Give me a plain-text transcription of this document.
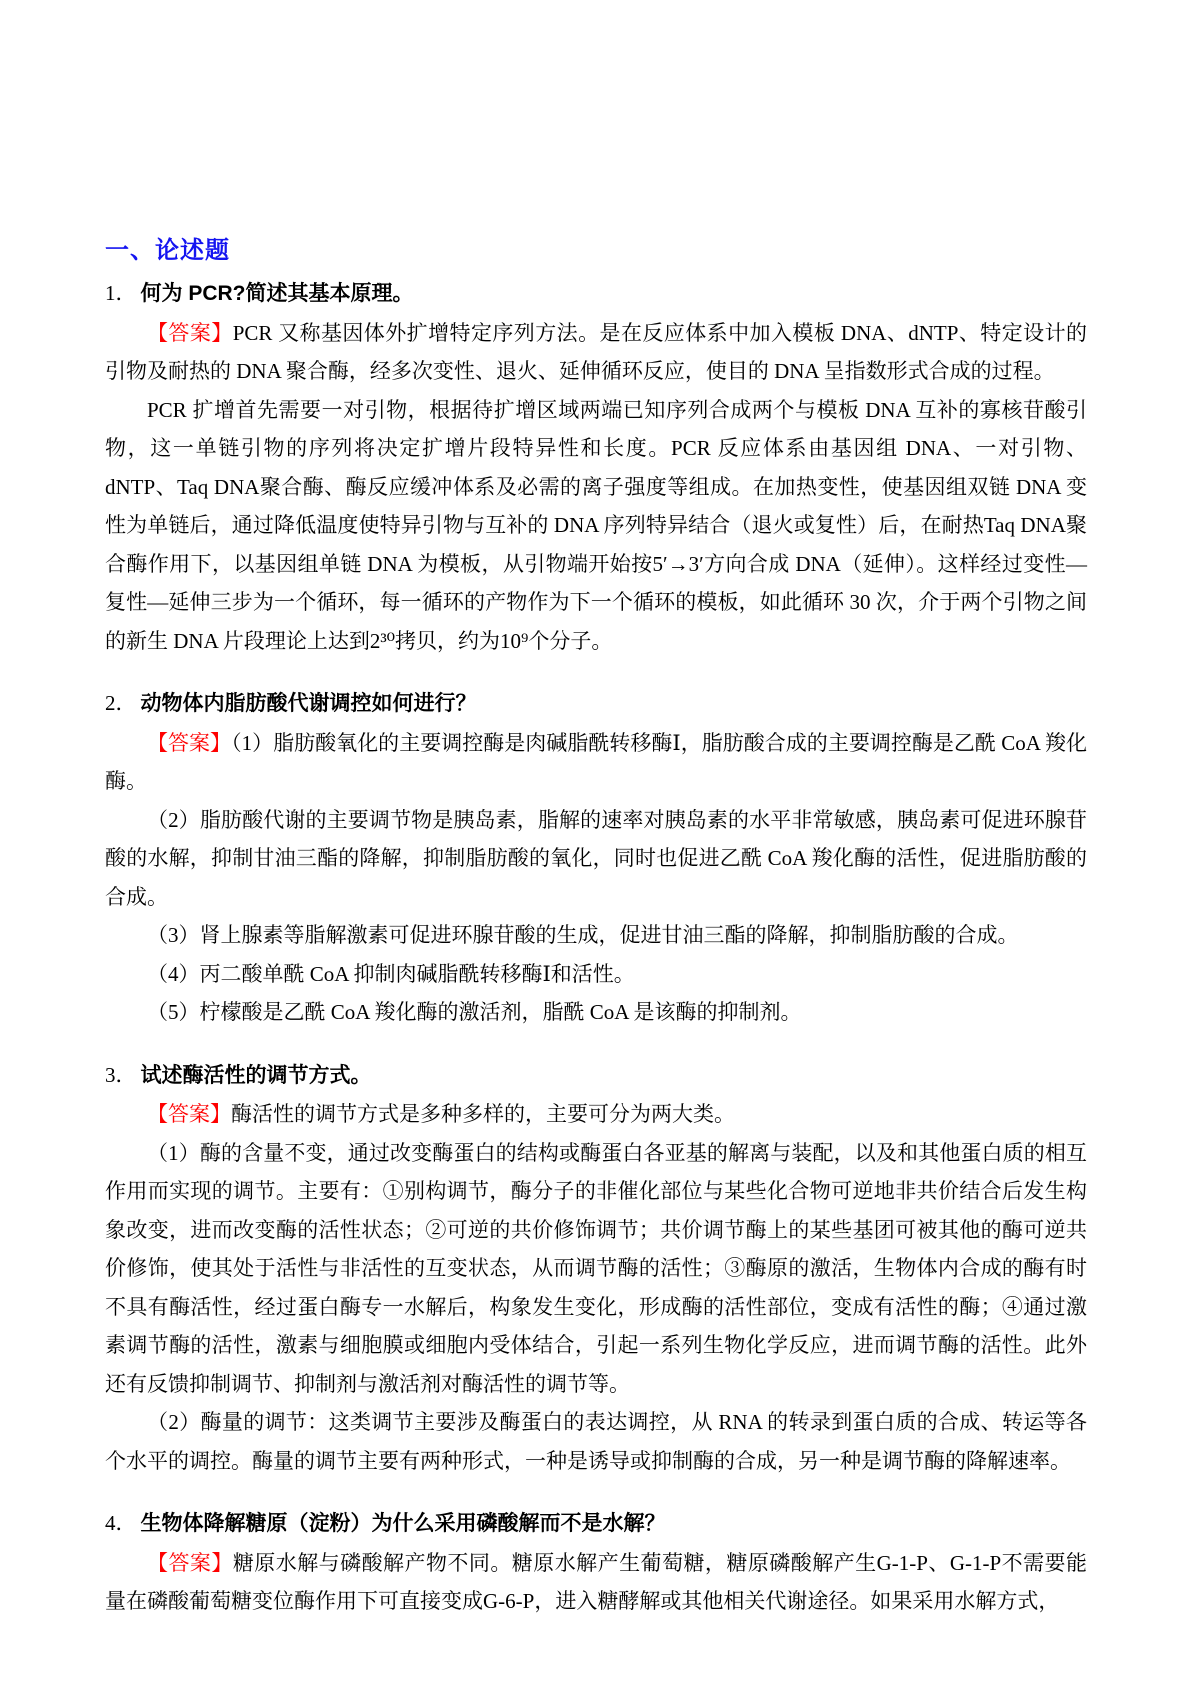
一、论述题
1． 何为 PCR?简述其基本原理。

【答案】PCR 又称基因体外扩增特定序列方法。是在反应体系中加入模板 DNA、dNTP、特定设计的引物及耐热的 DNA 聚合酶，经多次变性、退火、延伸循环反应，使目的 DNA 呈指数形式合成的过程。

PCR 扩增首先需要一对引物，根据待扩增区域两端已知序列合成两个与模板 DNA 互补的寡核苷酸引物，这一单链引物的序列将决定扩增片段特异性和长度。PCR 反应体系由基因组 DNA、一对引物、dNTP、Taq DNA聚合酶、酶反应缓冲体系及必需的离子强度等组成。在加热变性，使基因组双链 DNA 变性为单链后，通过降低温度使特异引物与互补的 DNA 序列特异结合（退火或复性）后，在耐热Taq DNA聚合酶作用下，以基因组单链 DNA 为模板，从引物端开始按5′→3′方向合成 DNA（延伸）。这样经过变性—复性—延伸三步为一个循环，每一循环的产物作为下一个循环的模板，如此循环 30 次，介于两个引物之间的新生 DNA 片段理论上达到2³⁰拷贝，约为10⁹个分子。

2． 动物体内脂肪酸代谢调控如何进行？

【答案】（1）脂肪酸氧化的主要调控酶是肉碱脂酰转移酶Ⅰ，脂肪酸合成的主要调控酶是乙酰 CoA 羧化酶。

（2）脂肪酸代谢的主要调节物是胰岛素，脂解的速率对胰岛素的水平非常敏感，胰岛素可促进环腺苷酸的水解，抑制甘油三酯的降解，抑制脂肪酸的氧化，同时也促进乙酰 CoA 羧化酶的活性，促进脂肪酸的合成。

（3）肾上腺素等脂解激素可促进环腺苷酸的生成，促进甘油三酯的降解，抑制脂肪酸的合成。

（4）丙二酸单酰 CoA 抑制肉碱脂酰转移酶Ⅰ和活性。

（5）柠檬酸是乙酰 CoA 羧化酶的激活剂，脂酰 CoA 是该酶的抑制剂。

3． 试述酶活性的调节方式。

【答案】酶活性的调节方式是多种多样的，主要可分为两大类。

（1）酶的含量不变，通过改变酶蛋白的结构或酶蛋白各亚基的解离与装配，以及和其他蛋白质的相互作用而实现的调节。主要有：①别构调节，酶分子的非催化部位与某些化合物可逆地非共价结合后发生构象改变，进而改变酶的活性状态；②可逆的共价修饰调节；共价调节酶上的某些基团可被其他的酶可逆共价修饰，使其处于活性与非活性的互变状态，从而调节酶的活性；③酶原的激活，生物体内合成的酶有时不具有酶活性，经过蛋白酶专一水解后，构象发生变化，形成酶的活性部位，变成有活性的酶；④通过激素调节酶的活性，激素与细胞膜或细胞内受体结合，引起一系列生物化学反应，进而调节酶的活性。此外还有反馈抑制调节、抑制剂与激活剂对酶活性的调节等。

（2）酶量的调节：这类调节主要涉及酶蛋白的表达调控，从 RNA 的转录到蛋白质的合成、转运等各个水平的调控。酶量的调节主要有两种形式，一种是诱导或抑制酶的合成，另一种是调节酶的降解速率。

4． 生物体降解糖原（淀粉）为什么采用磷酸解而不是水解？

【答案】糖原水解与磷酸解产物不同。糖原水解产生葡萄糖，糖原磷酸解产生G-1-P、G-1-P不需要能量在磷酸葡萄糖变位酶作用下可直接变成G-6-P，进入糖酵解或其他相关代谢途径。如果采用水解方式，
